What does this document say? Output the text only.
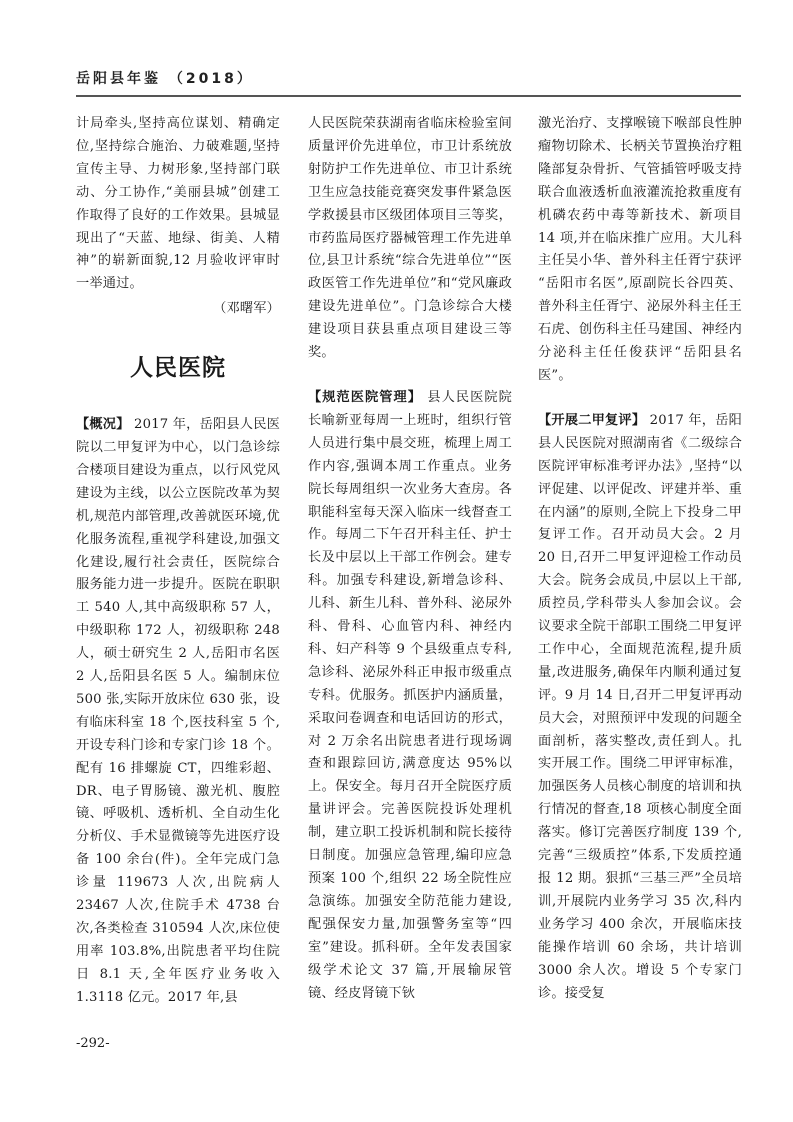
岳阳县年鉴 （2018）

计局牵头,坚持高位谋划、精确定位,坚持综合施治、力破难题,坚持宣传主导、力树形象,坚持部门联动、分工协作,“美丽县城”创建工作取得了良好的工作效果。县城显现出了“天蓝、地绿、街美、人精神”的崭新面貌,12 月验收评审时一举通过。

（邓曙军）

人民医院

【概况】 2017 年，岳阳县人民医院以二甲复评为中心，以门急诊综合楼项目建设为重点，以行风党风建设为主线，以公立医院改革为契机,规范内部管理,改善就医环境,优化服务流程,重视学科建设,加强文化建设,履行社会责任，医院综合服务能力进一步提升。医院在职职工 540 人,其中高级职称 57 人，中级职称 172 人，初级职称 248 人，硕士研究生 2 人,岳阳市名医 2 人,岳阳县名医 5 人。编制床位 500 张,实际开放床位 630 张，设有临床科室 18 个,医技科室 5 个,开设专科门诊和专家门诊 18 个。配有 16 排螺旋 CT，四维彩超、DR、电子胃肠镜、激光机、腹腔镜、呼吸机、透析机、全自动生化分析仪、手术显微镜等先进医疗设备 100 余台(件)。全年完成门急诊量 119673 人次,出院病人 23467 人次,住院手术 4738 台次,各类检查 310594 人次,床位使用率 103.8%,出院患者平均住院日 8.1 天,全年医疗业务收入 1.3118 亿元。2017 年,县

人民医院荣获湖南省临床检验室间质量评价先进单位，市卫计系统放射防护工作先进单位、市卫计系统卫生应急技能竞赛突发事件紧急医学救援县市区级团体项目三等奖，市药监局医疗器械管理工作先进单位,县卫计系统“综合先进单位”“医政医管工作先进单位”和“党风廉政建设先进单位”。门急诊综合大楼建设项目获县重点项目建设三等奖。

【规范医院管理】 县人民医院院长喻新亚每周一上班时，组织行管人员进行集中晨交班，梳理上周工作内容,强调本周工作重点。业务院长每周组织一次业务大查房。各职能科室每天深入临床一线督查工作。每周二下午召开科主任、护士长及中层以上干部工作例会。建专科。加强专科建设,新增急诊科、儿科、新生儿科、普外科、泌尿外科、骨科、心血管内科、神经内科、妇产科等 9 个县级重点专科,急诊科、泌尿外科正申报市级重点专科。优服务。抓医护内涵质量，采取问卷调查和电话回访的形式，对 2 万余名出院患者进行现场调查和跟踪回访,满意度达 95%以上。保安全。每月召开全院医疗质量讲评会。完善医院投诉处理机制，建立职工投诉机制和院长接待日制度。加强应急管理,编印应急预案 100 个,组织 22 场全院性应急演练。加强安全防范能力建设,配强保安力量,加强警务室等“四室”建设。抓科研。全年发表国家级学术论文 37 篇,开展输尿管镜、经皮肾镜下钬

激光治疗、支撑喉镜下喉部良性肿瘤物切除术、长柄关节置换治疗粗隆部复杂骨折、气管插管呼吸支持联合血液透析血液灌流抢救重度有机磷农药中毒等新技术、新项目 14 项,并在临床推广应用。大儿科主任吴小华、普外科主任胥宁获评 “岳阳市名医”,原副院长谷四英、普外科主任胥宁、泌尿外科主任王石虎、创伤科主任马建国、神经内分泌科主任任俊获评“岳阳县名医”。

【开展二甲复评】 2017 年，岳阳县人民医院对照湖南省《二级综合医院评审标准考评办法》,坚持“以评促建、以评促改、评建并举、重在内涵”的原则,全院上下投身二甲复评工作。召开动员大会。2 月 20 日,召开二甲复评迎检工作动员大会。院务会成员,中层以上干部,质控员,学科带头人参加会议。会议要求全院干部职工围绕二甲复评工作中心，全面规范流程,提升质量,改进服务,确保年内顺利通过复评。9 月 14 日,召开二甲复评再动员大会，对照预评中发现的问题全面剖析，落实整改,责任到人。扎实开展工作。围绕二甲评审标准，加强医务人员核心制度的培训和执行情况的督查,18 项核心制度全面落实。修订完善医疗制度 139 个,完善“三级质控”体系,下发质控通报 12 期。狠抓“三基三严”全员培训,开展院内业务学习 35 次,科内业务学习 400 余次，开展临床技能操作培训 60 余场，共计培训 3000 余人次。增设 5 个专家门诊。接受复

-292-
